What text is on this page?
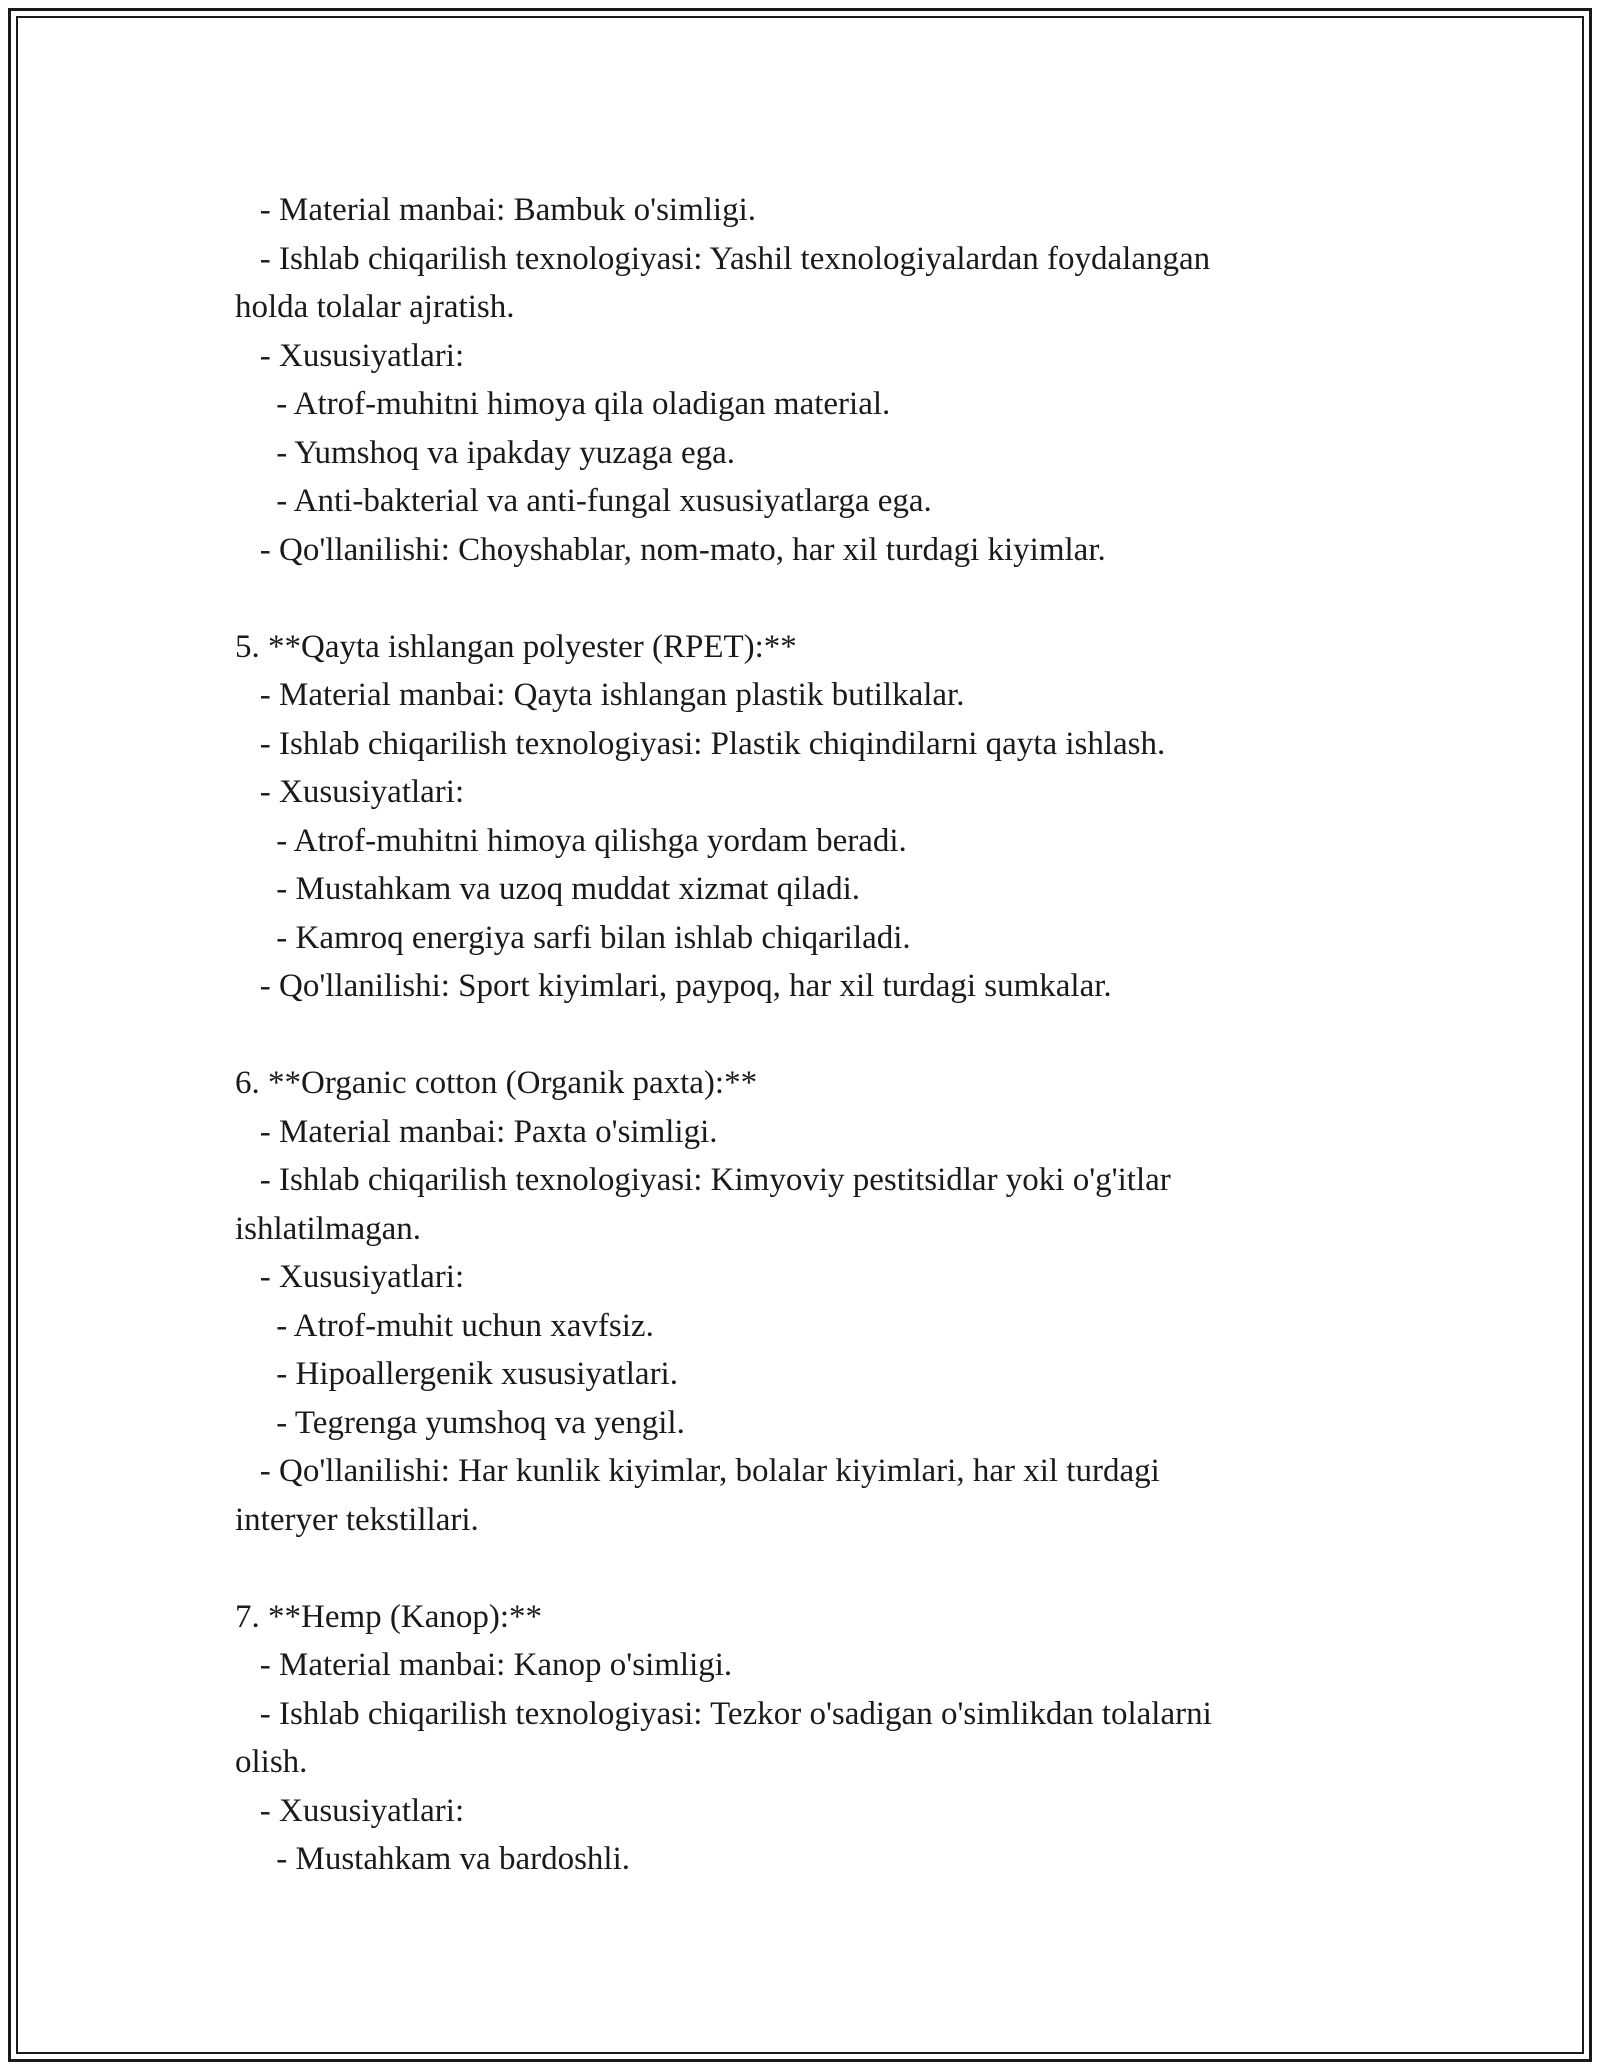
- Material manbai: Bambuk o'simligi.
- Ishlab chiqarilish texnologiyasi: Yashil texnologiyalardan foydalangan
holda tolalar ajratish.
- Xususiyatlari:
- Atrof-muhitni himoya qila oladigan material.
- Yumshoq va ipakday yuzaga ega.
- Anti-bakterial va anti-fungal xususiyatlarga ega.
- Qo'llanilishi: Choyshablar, nom-mato, har xil turdagi kiyimlar.
5. **Qayta ishlangan polyester (RPET):**
- Material manbai: Qayta ishlangan plastik butilkalar.
- Ishlab chiqarilish texnologiyasi: Plastik chiqindilarni qayta ishlash.
- Xususiyatlari:
- Atrof-muhitni himoya qilishga yordam beradi.
- Mustahkam va uzoq muddat xizmat qiladi.
- Kamroq energiya sarfi bilan ishlab chiqariladi.
- Qo'llanilishi: Sport kiyimlari, paypoq, har xil turdagi sumkalar.
6. **Organic cotton (Organik paxta):**
- Material manbai: Paxta o'simligi.
- Ishlab chiqarilish texnologiyasi: Kimyoviy pestitsidlar yoki o'g'itlar
ishlatilmagan.
- Xususiyatlari:
- Atrof-muhit uchun xavfsiz.
- Hipoallergenik xususiyatlari.
- Tegrenga yumshoq va yengil.
- Qo'llanilishi: Har kunlik kiyimlar, bolalar kiyimlari, har xil turdagi
interyer tekstillari.
7. **Hemp (Kanop):**
- Material manbai: Kanop o'simligi.
- Ishlab chiqarilish texnologiyasi: Tezkor o'sadigan o'simlikdan tolalarni
olish.
- Xususiyatlari:
- Mustahkam va bardoshli.
